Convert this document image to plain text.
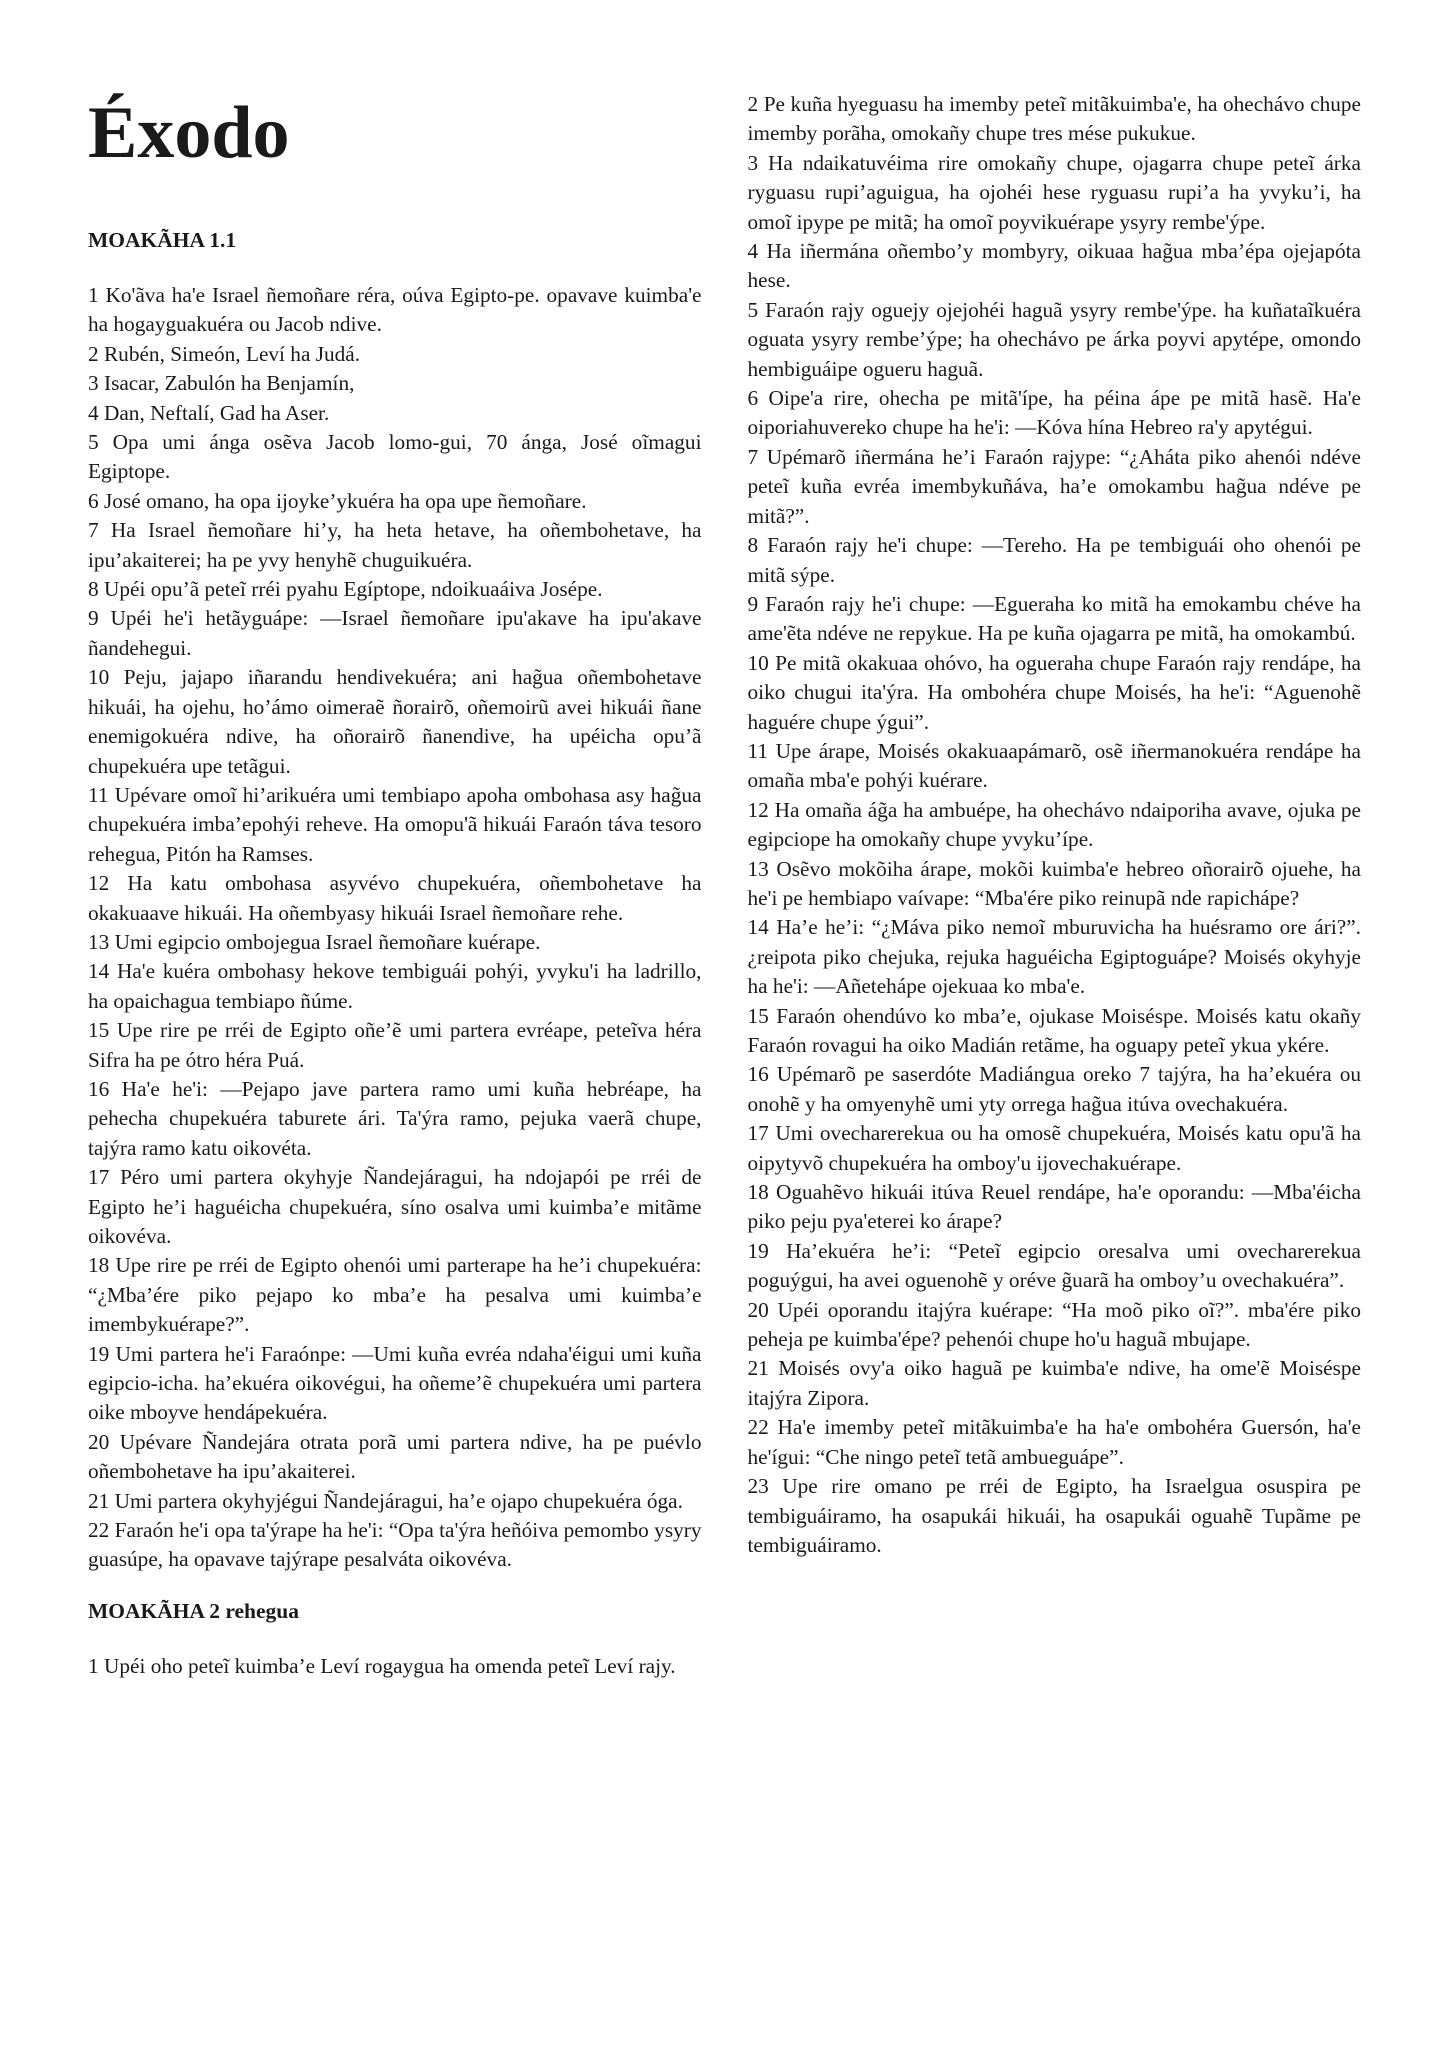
Éxodo
MOAKÃHA 1.1

1 Ko'ãva ha'e Israel ñemoñare réra, oúva Egipto-pe. opavave kuimba'e ha hogayguakuéra ou Jacob ndive.

2 Rubén, Simeón, Leví ha Judá.

3 Isacar, Zabulón ha Benjamín,

4 Dan, Neftalí, Gad ha Aser.

5 Opa umi ánga osẽva Jacob lomo-gui, 70 ánga, José oĩmagui Egiptope.

6 José omano, ha opa ijoyke’ykuéra ha opa upe ñemoñare.

7 Ha Israel ñemoñare hi’y, ha heta hetave, ha oñembohetave, ha ipu’akaiterei; ha pe yvy henyhẽ chuguikuéra.

8 Upéi opu’ã peteĩ rréi pyahu Egíptope, ndoikuaáiva Josépe.

9 Upéi he'i hetãyguápe: —Israel ñemoñare ipu'akave ha ipu'akave ñandehegui.

10 Peju, jajapo iñarandu hendivekuéra; ani hag̃ua oñembohetave hikuái, ha ojehu, ho’ámo oimeraẽ ñorairõ, oñemoirũ avei hikuái ñane enemigokuéra ndive, ha oñorairõ ñanendive, ha upéicha opu’ã chupekuéra upe tetãgui.

11 Upévare omoĩ hi’arikuéra umi tembiapo apoha ombohasa asy hag̃ua chupekuéra imba’epohýi reheve. Ha omopu'ã hikuái Faraón táva tesoro rehegua, Pitón ha Ramses.

12 Ha katu ombohasa asyvévo chupekuéra, oñembohetave ha okakuaave hikuái. Ha oñembyasy hikuái Israel ñemoñare rehe.

13 Umi egipcio ombojegua Israel ñemoñare kuérape.

14 Ha'e kuéra ombohasy hekove tembiguái pohýi, yvyku'i ha ladrillo, ha opaichagua tembiapo ñúme.

15 Upe rire pe rréi de Egipto oñe’ẽ umi partera evréape, peteĩva héra Sifra ha pe ótro héra Puá.

16 Ha'e he'i: —Pejapo jave partera ramo umi kuña hebréape, ha pehecha chupekuéra taburete ári. Ta'ýra ramo, pejuka vaerã chupe, tajýra ramo katu oikovéta.

17 Péro umi partera okyhyje Ñandejáragui, ha ndojapói pe rréi de Egipto he’i haguéicha chupekuéra, síno osalva umi kuimba’e mitãme oikovéva.

18 Upe rire pe rréi de Egipto ohenói umi parterape ha he’i chupekuéra: “¿Mba’ére piko pejapo ko mba’e ha pesalva umi kuimba’e imembykuérape?”.

19 Umi partera he'i Faraónpe: —Umi kuña evréa ndaha'éigui umi kuña egipcio-icha. ha’ekuéra oikovégui, ha oñeme’ẽ chupekuéra umi partera oike mboyve hendápekuéra.

20 Upévare Ñandejára otrata porã umi partera ndive, ha pe puévlo oñembohetave ha ipu’akaiterei.

21 Umi partera okyhyjégui Ñandejáragui, ha’e ojapo chupekuéra óga.

22 Faraón he'i opa ta'ýrape ha he'i: “Opa ta'ýra heñóiva pemombo ysyry guasúpe, ha opavave tajýrape pesalváta oikovéva.

MOAKÃHA 2 rehegua

1 Upéi oho peteĩ kuimba’e Leví rogaygua ha omenda peteĩ Leví rajy.

2 Pe kuña hyeguasu ha imemby peteĩ mitãkuimba'e, ha ohechávo chupe imemby porãha, omokañy chupe tres mése pukukue.

3 Ha ndaikatuvéima rire omokañy chupe, ojagarra chupe peteĩ árka ryguasu rupi’aguigua, ha ojohéi hese ryguasu rupi’a ha yvyku’i, ha omoĩ ipype pe mitã; ha omoĩ poyvikuérape ysyry rembe'ýpe.

4 Ha iñermána oñembo’y mombyry, oikuaa hag̃ua mba’épa ojejapóta hese.

5 Faraón rajy oguejy ojejohéi haguã ysyry rembe'ýpe. ha kuñataĩkuéra oguata ysyry rembe’ýpe; ha ohechávo pe árka poyvi apytépe, omondo hembiguáipe ogueru haguã.

6 Oipe'a rire, ohecha pe mitã'ípe, ha péina ápe pe mitã hasẽ. Ha'e oiporiahuvereko chupe ha he'i: —Kóva hína Hebreo ra'y apytégui.

7 Upémarõ iñermána he’i Faraón rajype: “¿Aháta piko ahenói ndéve peteĩ kuña evréa imembykuñáva, ha’e omokambu hag̃ua ndéve pe mitã?”.

8 Faraón rajy he'i chupe: —Tereho. Ha pe tembiguái oho ohenói pe mitã sýpe.

9 Faraón rajy he'i chupe: —Egueraha ko mitã ha emokambu chéve ha ame'ẽta ndéve ne repykue. Ha pe kuña ojagarra pe mitã, ha omokambú.

10 Pe mitã okakuaa ohóvo, ha ogueraha chupe Faraón rajy rendápe, ha oiko chugui ita'ýra. Ha ombohéra chupe Moisés, ha he'i: “Aguenohẽ haguére chupe ýgui”.

11 Upe árape, Moisés okakuaapámarõ, osẽ iñermanokuéra rendápe ha omaña mba'e pohýi kuérare.

12 Ha omaña ág̃a ha ambuépe, ha ohechávo ndaiporiha avave, ojuka pe egipciope ha omokañy chupe yvyku’ípe.

13 Osẽvo mokõiha árape, mokõi kuimba'e hebreo oñorairõ ojuehe, ha he'i pe hembiapo vaívape: “Mba'ére piko reinupã nde rapichápe?

14 Ha’e he’i: “¿Máva piko nemoĩ mburuvicha ha huésramo ore ári?”. ¿reipota piko chejuka, rejuka haguéicha Egiptoguápe? Moisés okyhyje ha he'i: —Añeteháp​e ojekuaa ko mba'e.

15 Faraón ohendúvo ko mba’e, ojukase Moisésp​e. Moisés katu okañy Faraón rovagui ha oiko Madián retãme, ha oguapy peteĩ ykua ykére.

16 Upémarõ pe saserdóte Madiángua oreko 7 tajýra, ha ha’ekuéra ou onohẽ y ha omyenyhẽ umi yty orrega hag̃ua itúva ovechakuéra.

17 Umi ovecharerekua ou ha omosẽ chupekuéra, Moisés katu opu'ã ha oipytyvõ chupekuéra ha omboy'u ijovechakuérape.

18 Oguahẽvo hikuái itúva Reuel rendápe, ha'e oporandu: —Mba'éicha piko peju pya'eterei ko árape?

19 Ha’ekuéra he’i: “Peteĩ egipcio oresalva umi ovecharerekua poguýgui, ha avei oguenohẽ y oréve g̃uarã ha omboy’u ovechakuéra”.

20 Upéi oporandu itajýra kuérape: “Ha moõ piko oĩ?”. mba'ére piko peheja pe kuimba'épe? pehenói chupe ho'u haguã mbujape.

21 Moisés ovy'a oiko haguã pe kuimba'e ndive, ha ome'ẽ Moisésp​e itajýra Zipora.

22 Ha'e imemby peteĩ mitãkuimba'e ha ha'e ombohéra Guersón, ha'e he'ígui: “Che ningo peteĩ tetã ambueguápe”.

23 Upe rire omano pe rréi de Egipto, ha Israelgua osuspira pe tembiguáiramo, ha osapukái hikuái, ha osapukái oguahẽ Tupãme pe tembiguáiramo.
